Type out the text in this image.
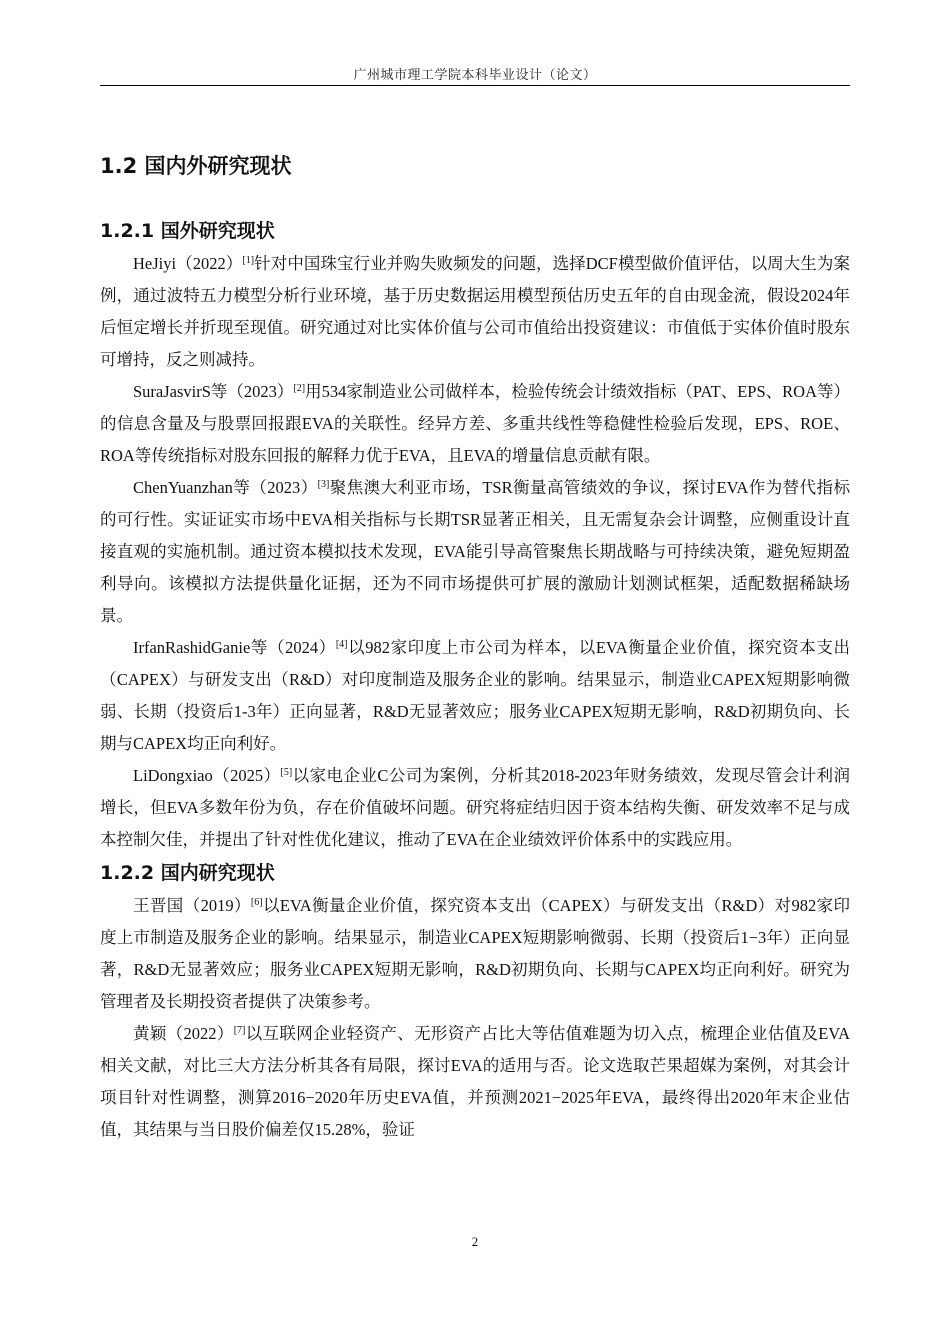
广州城市理工学院本科毕业设计（论文）
1.2 国内外研究现状
1.2.1 国外研究现状

HeJiyi（2022）[1]针对中国珠宝行业并购失败频发的问题，选择DCF模型做价值评估，以周大生为案例，通过波特五力模型分析行业环境，基于历史数据运用模型预估历史五年的自由现金流，假设2024年后恒定增长并折现至现值。研究通过对比实体价值与公司市值给出投资建议：市值低于实体价值时股东可增持，反之则减持。

SuraJasvirS等（2023）[2]用534家制造业公司做样本，检验传统会计绩效指标（PAT、EPS、ROA等）的信息含量及与股票回报跟EVA的关联性。经异方差、多重共线性等稳健性检验后发现，EPS、ROE、ROA等传统指标对股东回报的解释力优于EVA，且EVA的增量信息贡献有限。

ChenYuanzhan等（2023）[3]聚焦澳大利亚市场，TSR衡量高管绩效的争议，探讨EVA作为替代指标的可行性。实证证实市场中EVA相关指标与长期TSR显著正相关，且无需复杂会计调整，应侧重设计直接直观的实施机制。通过资本模拟技术发现，EVA能引导高管聚焦长期战略与可持续决策，避免短期盈利导向。该模拟方法提供量化证据，还为不同市场提供可扩展的激励计划测试框架，适配数据稀缺场景。

IrfanRashidGanie等（2024）[4]以982家印度上市公司为样本，以EVA衡量企业价值，探究资本支出（CAPEX）与研发支出（R&D）对印度制造及服务企业的影响。结果显示，制造业CAPEX短期影响微弱、长期（投资后1-3年）正向显著，R&D无显著效应；服务业CAPEX短期无影响，R&D初期负向、长期与CAPEX均正向利好。

LiDongxiao（2025）[5]以家电企业C公司为案例，分析其2018-2023年财务绩效，发现尽管会计利润增长，但EVA多数年份为负，存在价值破坏问题。研究将症结归因于资本结构失衡、研发效率不足与成本控制欠佳，并提出了针对性优化建议，推动了EVA在企业绩效评价体系中的实践应用。

1.2.2 国内研究现状

王晋国（2019）[6]以EVA衡量企业价值，探究资本支出（CAPEX）与研发支出（R&D）对982家印度上市制造及服务企业的影响。结果显示，制造业CAPEX短期影响微弱、长期（投资后1−3年）正向显著，R&D无显著效应；服务业CAPEX短期无影响，R&D初期负向、长期与CAPEX均正向利好。研究为管理者及长期投资者提供了决策参考。

黄颖（2022）[7]以互联网企业轻资产、无形资产占比大等估值难题为切入点，梳理企业估值及EVA相关文献，对比三大方法分析其各有局限，探讨EVA的适用与否。论文选取芒果超媒为案例，对其会计项目针对性调整，测算2016−2020年历史EVA值，并预测2021−2025年EVA，最终得出2020年末企业估值，其结果与当日股价偏差仅15.28%，验证

2
